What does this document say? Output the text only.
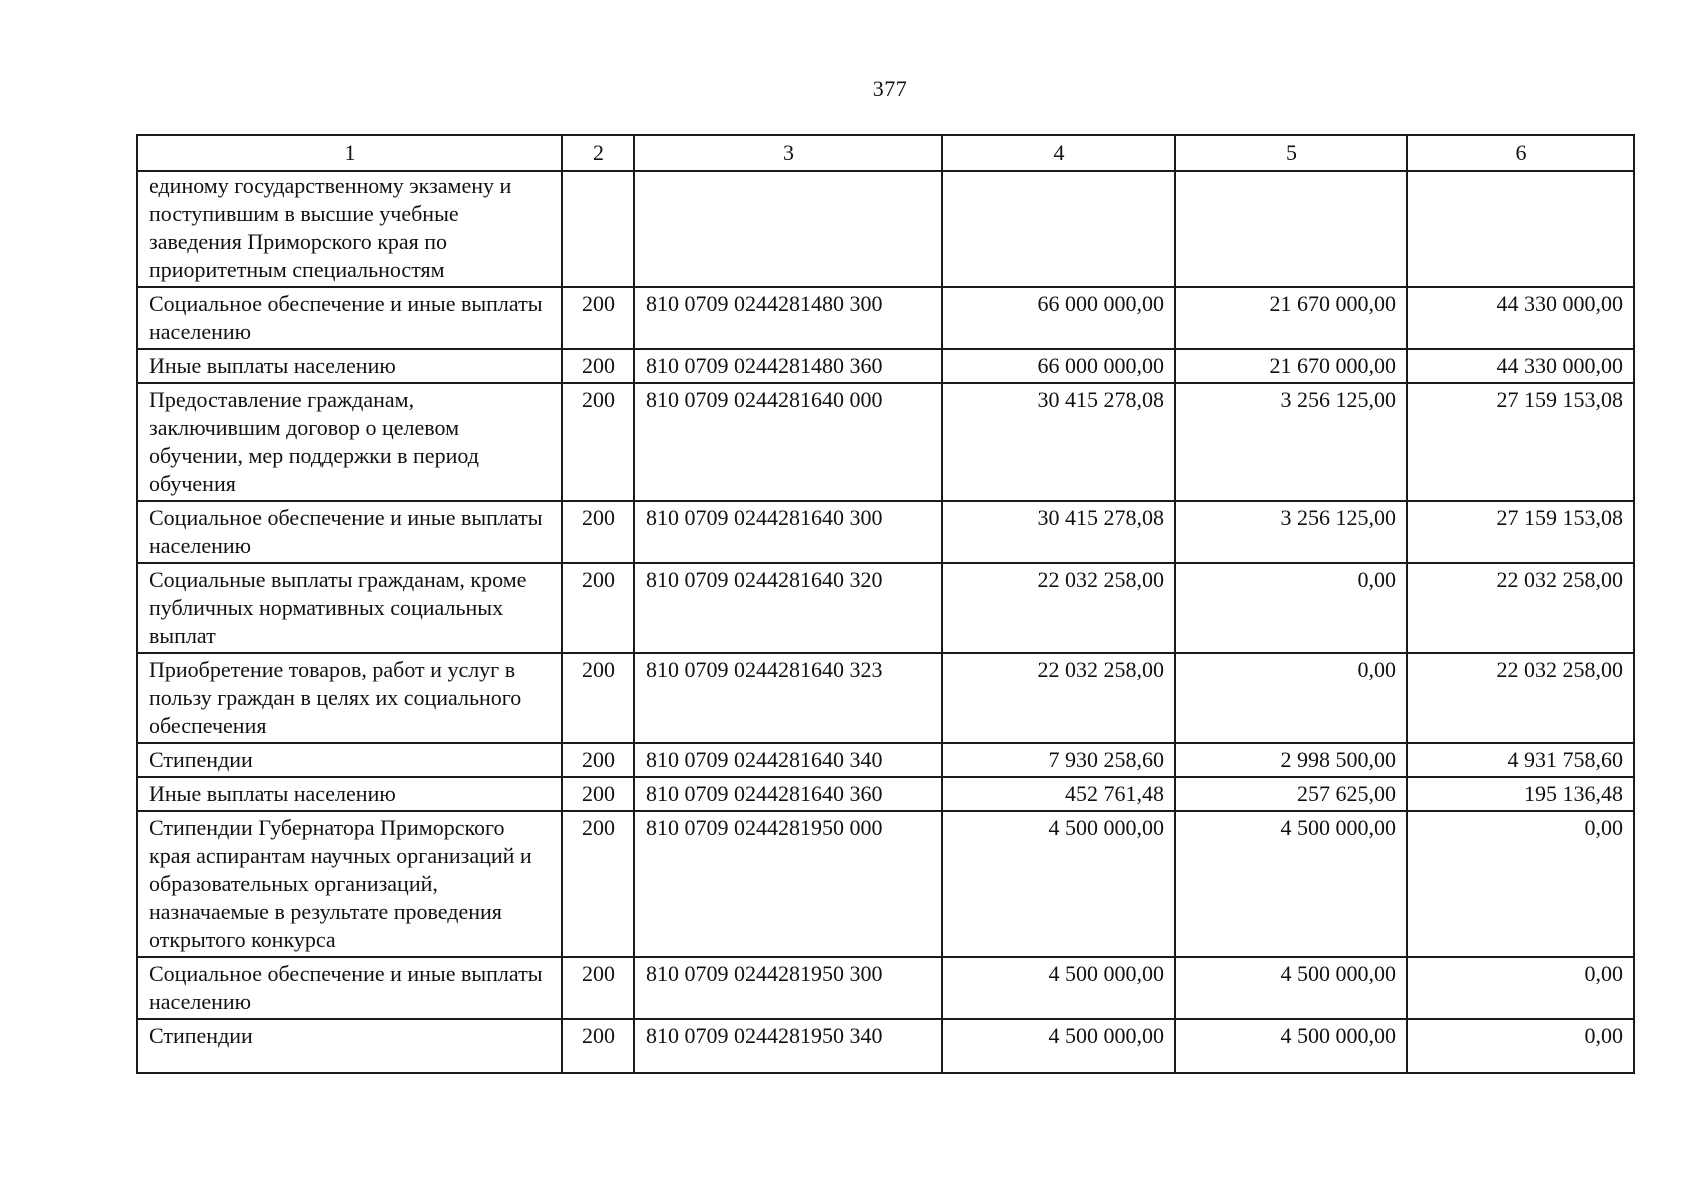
377
1	2	3	4	5	6
единому государственному экзамену и поступившим в высшие учебные заведения Приморского края по приоритетным специальностям					
Социальное обеспечение и иные выплаты населению	200	810 0709 0244281480 300	66 000 000,00	21 670 000,00	44 330 000,00
Иные выплаты населению	200	810 0709 0244281480 360	66 000 000,00	21 670 000,00	44 330 000,00
Предоставление гражданам, заключившим договор о целевом обучении, мер поддержки в период обучения	200	810 0709 0244281640 000	30 415 278,08	3 256 125,00	27 159 153,08
Социальное обеспечение и иные выплаты населению	200	810 0709 0244281640 300	30 415 278,08	3 256 125,00	27 159 153,08
Социальные выплаты гражданам, кроме публичных нормативных социальных выплат	200	810 0709 0244281640 320	22 032 258,00	0,00	22 032 258,00
Приобретение товаров, работ и услуг в пользу граждан в целях их социального обеспечения	200	810 0709 0244281640 323	22 032 258,00	0,00	22 032 258,00
Стипендии	200	810 0709 0244281640 340	7 930 258,60	2 998 500,00	4 931 758,60
Иные выплаты населению	200	810 0709 0244281640 360	452 761,48	257 625,00	195 136,48
Стипендии Губернатора Приморского края аспирантам научных организаций и образовательных организаций, назначаемые в результате проведения открытого конкурса	200	810 0709 0244281950 000	4 500 000,00	4 500 000,00	0,00
Социальное обеспечение и иные выплаты населению	200	810 0709 0244281950 300	4 500 000,00	4 500 000,00	0,00
Стипендии	200	810 0709 0244281950 340	4 500 000,00	4 500 000,00	0,00
